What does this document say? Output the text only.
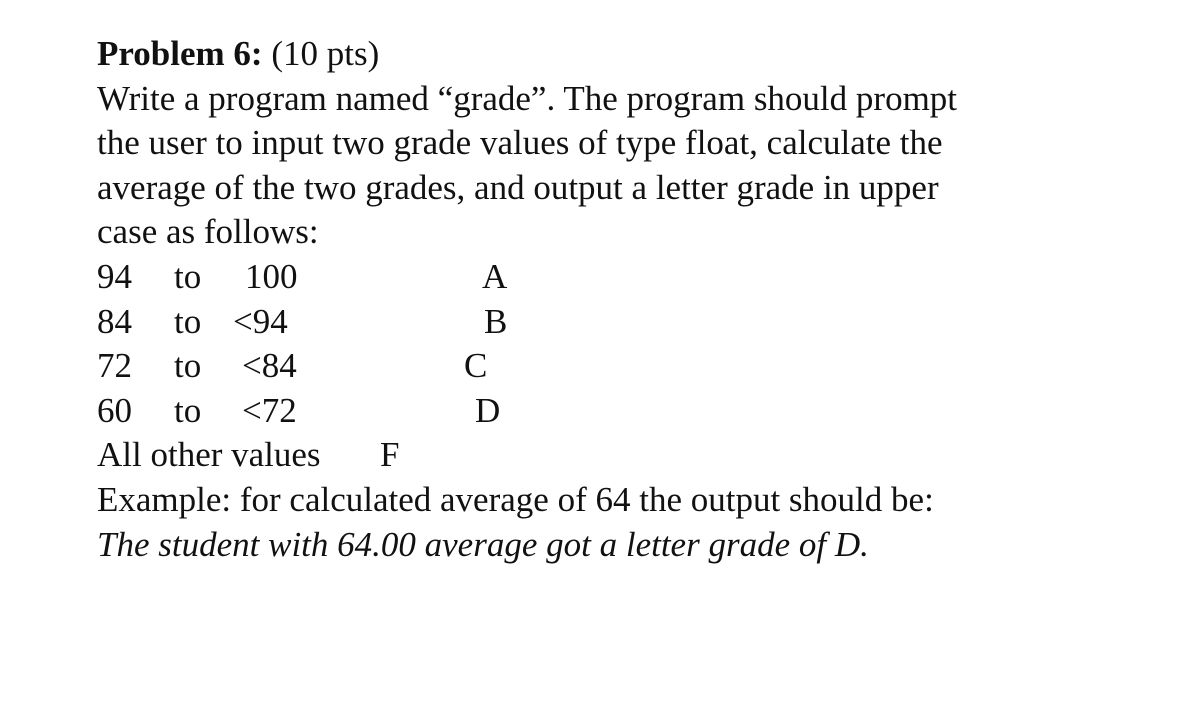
Problem 6: (10 pts)
Write a program named “grade”. The program should prompt
the user to input two grade values of type float, calculate the
average of the two grades, and output a letter grade in upper
case as follows:
94 to 100	A
84 to <94	B
72 to <84	C
60 to <72	D
All other values F
Example: for calculated average of 64 the output should be:
The student with 64.00 average got a letter grade of D.
